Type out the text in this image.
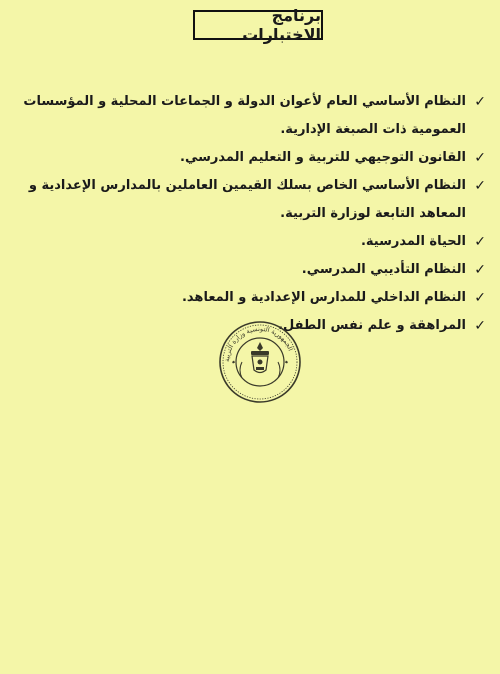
برنامج الاختبارات
✓
النظام الأساسي العام لأعوان الدولة و الجماعات المحلية و المؤسسات العمومية ذات الصبغة الإدارية.
✓
القانون التوجيهي للتربية و التعليم المدرسي.
✓
النظام الأساسي الخاص بسلك القيمين العاملين بالمدارس الإعدادية و المعاهد التابعة لوزارة التربية.
✓
الحياة المدرسية.
✓
النظام التأديبي المدرسي.
✓
النظام الداخلي للمدارس الإعدادية و المعاهد.
✓
المراهقة و علم نفس الطفل.
الجمهورية التونسية وزارة التربية
